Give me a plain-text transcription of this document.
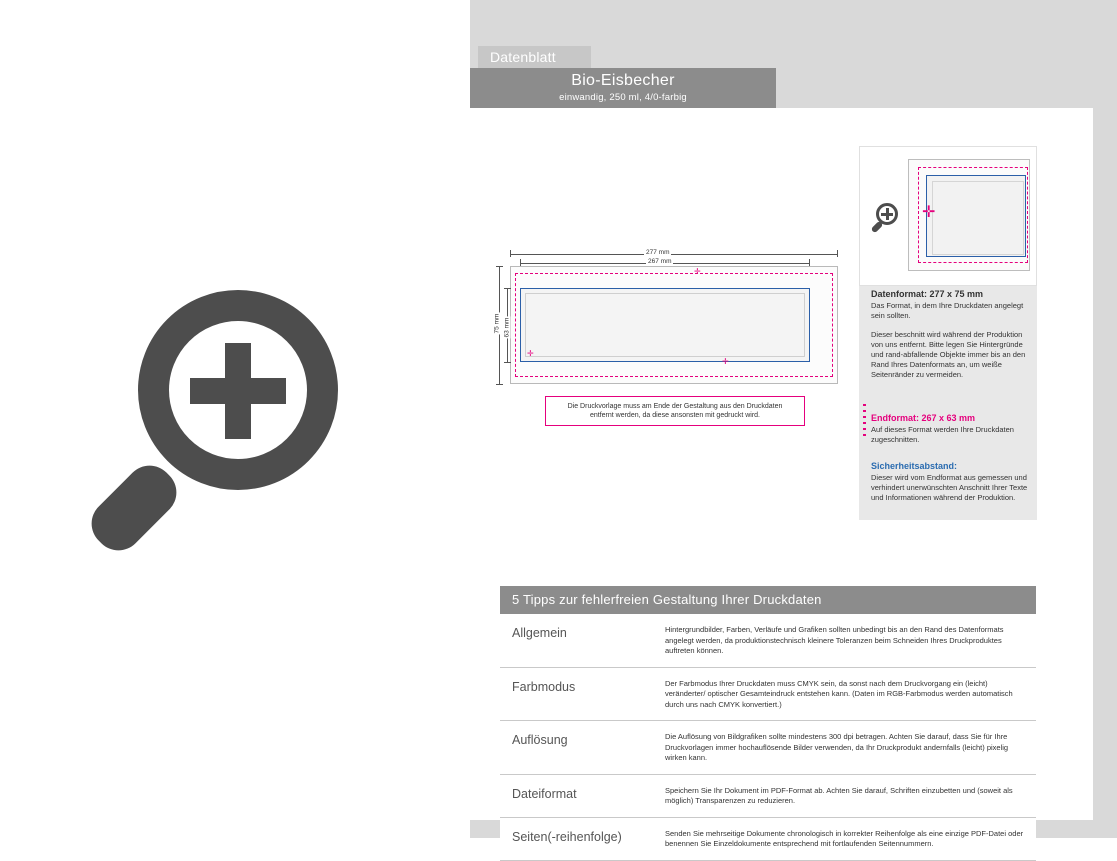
Datenblatt
Bio-Eisbecher
einwandig, 250 ml, 4/0-farbig
277 mm
267 mm
75 mm 63 mm
✛
✛
✛
Die Druckvorlage muss am Ende der Gestaltung aus den Druckdaten
entfernt werden, da diese ansonsten mit gedruckt wird.
✛
Datenformat: 277 x 75 mm
Das Format, in dem Ihre Druckdaten angelegt sein sollten.
Dieser beschnitt wird während der Produktion von uns entfernt. Bitte legen Sie Hintergründe und rand-abfallende Objekte immer bis an den Rand Ihres Datenformats an, um weiße Seitenränder zu vermeiden.
Endformat: 267 x 63 mm
Auf dieses Format werden Ihre Druckdaten zugeschnitten.
Sicherheitsabstand:
Dieser wird vom Endformat aus gemessen und verhindert unerwünschten Anschnitt Ihrer Texte und Informationen während der Produktion.
5 Tipps zur fehlerfreien Gestaltung Ihrer Druckdaten
Allgemein	Hintergrundbilder, Farben, Verläufe und Grafiken sollten unbedingt bis an den Rand des Datenformats angelegt werden, da produktionstechnisch kleinere Toleranzen beim Schneiden Ihres Druckproduktes auftreten können.
Farbmodus	Der Farbmodus Ihrer Druckdaten muss CMYK sein, da sonst nach dem Druckvorgang ein (leicht) veränderter/ optischer Gesamteindruck entstehen kann. (Daten im RGB-Farbmodus werden automatisch durch uns nach CMYK konvertiert.)
Auflösung	Die Auflösung von Bildgrafiken sollte mindestens 300 dpi betragen. Achten Sie darauf, dass Sie für Ihre Druckvorlagen immer hochauflösende Bilder verwenden, da Ihr Druckprodukt andernfalls (leicht) pixelig wirken kann.
Dateiformat	Speichern Sie Ihr Dokument im PDF-Format ab. Achten Sie darauf, Schriften einzubetten und (soweit als möglich) Transparenzen zu reduzieren.
Seiten(-reihenfolge)	Senden Sie mehrseitige Dokumente chronologisch in korrekter Reihenfolge als eine einzige PDF-Datei oder benennen Sie Einzeldokumente entsprechend mit fortlaufenden Seitennummern.
